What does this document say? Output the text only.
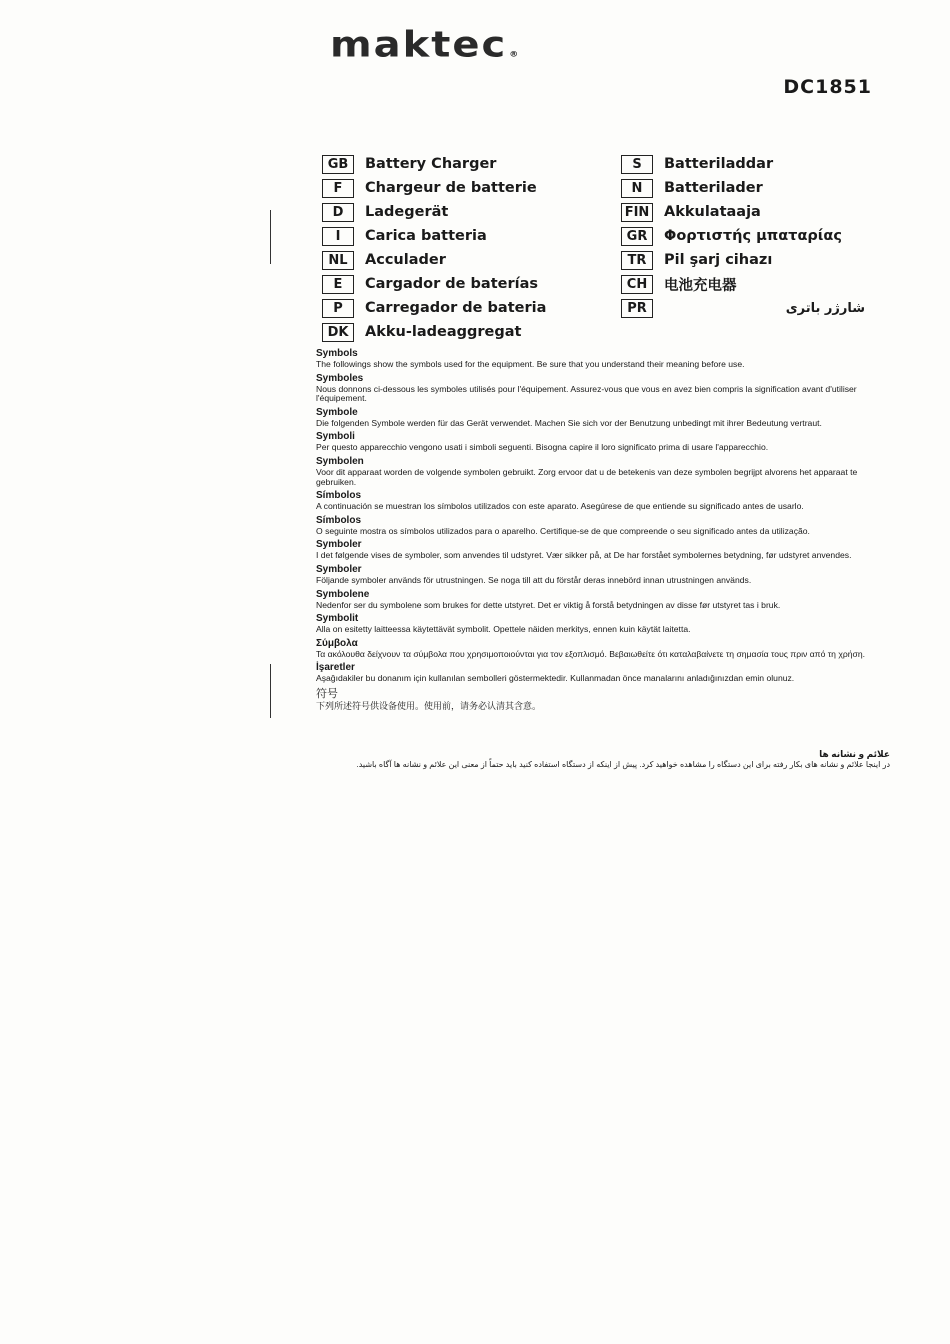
maktec ®
DC1851
GB	Battery Charger
F	Chargeur de batterie
D	Ladegerät
I	Carica batteria
NL	Acculader
E	Cargador de baterías
P	Carregador de bateria
DK	Akku-ladeaggregat
S	Batteriladdar
N	Batterilader
FIN Akkulataaja
GR	Φορτιστής μπαταρίας
TR	Pil şarj cihazı
CH	电池充电器
PR	شارژر باتری
Symbols
The followings show the symbols used for the equipment. Be sure that you understand their meaning before use.
Symboles
Nous donnons ci-dessous les symboles utilisés pour l'équipement. Assurez-vous que vous en avez bien compris la signification avant d'utiliser l'équipement.
Symbole
Die folgenden Symbole werden für das Gerät verwendet. Machen Sie sich vor der Benutzung unbedingt mit ihrer Bedeutung vertraut.
Symboli
Per questo apparecchio vengono usati i simboli seguenti. Bisogna capire il loro significato prima di usare l'apparecchio.
Symbolen
Voor dit apparaat worden de volgende symbolen gebruikt. Zorg ervoor dat u de betekenis van deze symbolen begrijpt alvorens het apparaat te gebruiken.
Símbolos
A continuación se muestran los símbolos utilizados con este aparato. Asegúrese de que entiende su significado antes de usarlo.
Símbolos
O seguinte mostra os símbolos utilizados para o aparelho. Certifique-se de que compreende o seu significado antes da utilização.
Symboler
I det følgende vises de symboler, som anvendes til udstyret. Vær sikker på, at De har forstået symbolernes betydning, før udstyret anvendes.
Symboler
Följande symboler används för utrustningen. Se noga till att du förstår deras innebörd innan utrustningen används.
Symbolene
Nedenfor ser du symbolene som brukes for dette utstyret. Det er viktig å forstå betydningen av disse før utstyret tas i bruk.
Symbolit
Alla on esitetty laitteessa käytettävät symbolit. Opettele näiden merkitys, ennen kuin käytät laitetta.
Σύμβολα
Τα ακόλουθα δείχνουν τα σύμβολα που χρησιμοποιούνται για τον εξοπλισμό. Βεβαιωθείτε ότι καταλαβαίνετε τη σημασία τους πριν από τη χρήση.
İşaretler
Aşağıdakiler bu donanım için kullanılan sembolleri göstermektedir. Kullanmadan önce manalarını anladığınızdan emin olunuz.
符号
下列所述符号供设备使用。使用前，请务必认清其含意。
علائم و نشانه ها
در اینجا علائم و نشانه های بکار رفته برای این دستگاه را مشاهده خواهید کرد. پیش از اینکه از دستگاه استفاده کنید باید حتماً از معنی این علائم و نشانه ها آگاه باشید.
